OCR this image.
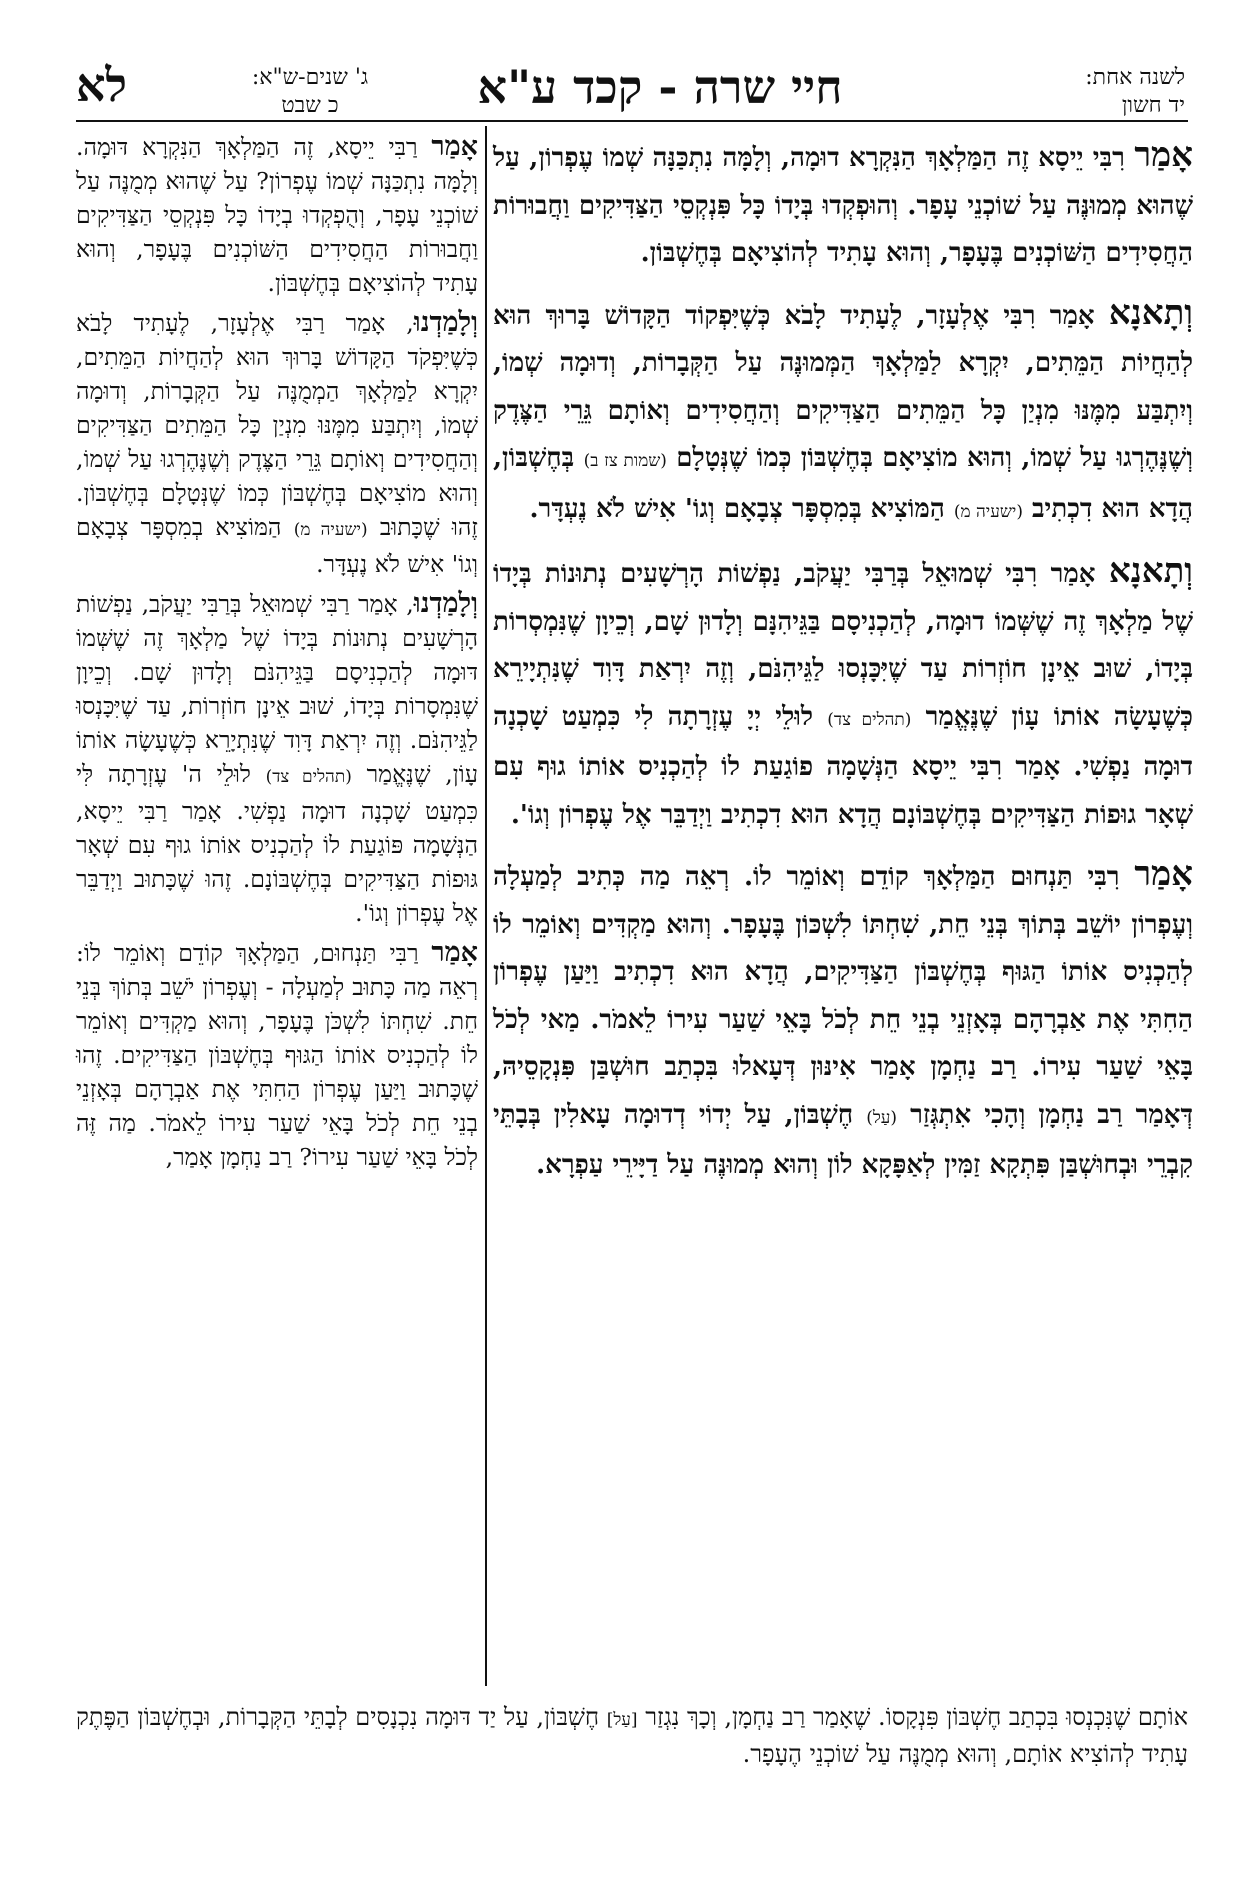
לא	ג' שנים-ש"א:
כ שבט	חיי שרה - קכד ע"א	לשנה אחת:
יד חשון

אָמַר רִבִּי יֵיסָא זֶה הַמַּלְאָךְ הַנִּקְרָא דוּמָה, וְלָמָּה נִתְכַּנָּה שְׁמוֹ עֶפְרוֹן, עַל שֶׁהוּא מְמוּנֶּה עַל שׁוֹכְנֵי עָפָר. וְהוּפְקְדוּ בְּיָדוֹ כָּל פִּנְקְסֵי הַצַּדִּיקִים וַחֲבוּרוֹת הַחֲסִידִים הַשּׁוֹכְנִים בֶּעָפָר, וְהוּא עָתִיד לְהוֹצִיאָם בְּחֶשְׁבּוֹן.

וְתָאנָא אָמַר רִבִּי אֶלְעָזָר, לֶעָתִיד לָבֹא כְּשֶׁיִּפְקוֹד הַקָּדוֹשׁ בָּרוּךְ הוּא לְהַחֲיוֹת הַמֵּתִים, יִקְרָא לַמַּלְאָךְ הַמְּמוּנֶּה עַל הַקְּבָרוֹת, וְדוּמָה שְׁמוֹ, וְיִתְבַּע מִמֶּנּוּ מִנְיַן כָּל הַמֵּתִים הַצַּדִּיקִים וְהַחֲסִידִים וְאוֹתָם גֵּרֵי הַצֶּדֶק וְשֶׁנֶּהֶרְגוּ עַל שְׁמוֹ, וְהוּא מוֹצִיאָם בְּחֶשְׁבּוֹן כְּמוֹ שֶׁנְּטָלָם (שמות צז ב) בְּחֶשְׁבּוֹן, הֲדָא הוּא דִכְתִיב (ישעיה מ) הַמּוֹצִיא בְּמִסְפָּר צְבָאָם וְגוֹ' אִישׁ לֹא נֶעְדָּר.

וְתָאנָא אָמַר רִבִּי שְׁמוּאֵל בְּרַבִּי יַעֲקֹב, נַפְשׁוֹת הָרְשָׁעִים נְתוּנוֹת בְּיָדוֹ שֶׁל מַלְאָךְ זֶה שֶׁשְּׁמוֹ דוּמָה, לְהַכְנִיסָם בַּגֵּיהִנָּם וְלָדוּן שָׁם, וְכֵיוָן שֶׁנִּמְסְרוֹת בְּיָדוֹ, שׁוּב אֵינָן חוֹזְרוֹת עַד שֶׁיִּכָּנְסוּ לַגֵּיהִנֹּם, וְזֶה יִרְאַת דָּוִד שֶׁנִּתְיָירֵא כְּשֶׁעָשָׂה אוֹתוֹ עָוֹן שֶׁנֶּאֱמַר (תהלים צד) לוּלֵי יְיָ עֶזְרָתָה לִי כִּמְעַט שָׁכְנָה דוּמָה נַפְשִׁי. אָמַר רִבִּי יֵיסָא הַנְּשָׁמָה פוֹגַעַת לוֹ לְהַכְנִיס אוֹתוֹ גוּף עִם שְׁאָר גוּפוֹת הַצַּדִּיקִים בְּחֶשְׁבּוֹנָם הֲדָא הוּא דִכְתִיב וַיְדַבֵּר אֶל עֶפְרוֹן וְגוֹ'.

אָמַר רִבִּי תַּנְחוּם הַמַּלְאָךְ קוֹדֵם וְאוֹמֵר לוֹ. רְאֵה מַה כְּתִיב לְמַעְלָה וְעֶפְרוֹן יוֹשֵׁב בְּתוֹךְ בְּנֵי חֵת, שִׁחְתּוֹ לִשְׁכּוֹן בֶּעָפָר. וְהוּא מַקְדִּים וְאוֹמֵר לוֹ לְהַכְנִיס אוֹתוֹ הַגּוּף בְּחֶשְׁבּוֹן הַצַּדִּיקִים, הֲדָא הוּא דִכְתִיב וַיַּעַן עֶפְרוֹן הַחִתִּי אֶת אַבְרָהָם בְּאָזְנֵי בְנֵי חֵת לְכֹל בָּאֵי שַׁעַר עִירוֹ לֵאמֹר. מַאי לְכֹל בָּאֵי שַׁעַר עִירוֹ. רַב נַחְמָן אָמַר אִינּוּן דְּעָאלוּ בִּכְתַב חוּשְׁבַּן פִּנְקָסֵיהּ, דְּאָמַר רַב נַחְמָן וְהָכִי אִתְגְּזַר (עַל) חֶשְׁבּוֹן, עַל יְדוֹי דְדוּמָה עָאלִין בְּבָתֵּי קִבְרֵי וּבְחוּשְׁבַּן פִּתְקָא זַמִּין לְאַפָּקָא לוֹן וְהוּא מְמוּנֶּה עַל דַיָּירֵי עַפְרָא.

אָמַר רַבִּי יֵיסָא, זֶה הַמַּלְאָךְ הַנִּקְרָא דּוּמָה. וְלָמָּה נִתְכַּנָּה שְׁמוֹ עֶפְרוֹן? עַל שֶׁהוּא מְמֻנֶּה עַל שׁוֹכְנֵי עָפָר, וְהֻפְקְדוּ בְיָדוֹ כָּל פִּנְקְסֵי הַצַּדִּיקִים וַחֲבוּרוֹת הַחֲסִידִים הַשּׁוֹכְנִים בֶּעָפָר, וְהוּא עָתִיד לְהוֹצִיאָם בְּחֶשְׁבּוֹן.

וְלָמַדְנוּ, אָמַר רַבִּי אֶלְעָזָר, לֶעָתִיד לָבֹא כְּשֶׁיִּפְקֹד הַקָּדוֹשׁ בָּרוּךְ הוּא לְהַחֲיוֹת הַמֵּתִים, יִקְרָא לַמַּלְאָךְ הַמְמֻנֶּה עַל הַקְּבָרוֹת, וְדוּמָה שְׁמוֹ, וְיִתְבַּע מִמֶּנּוּ מִנְיַן כָּל הַמֵּתִים הַצַּדִּיקִים וְהַחֲסִידִים וְאוֹתָם גֵּרֵי הַצֶּדֶק וְשֶׁנֶּהֶרְגוּ עַל שְׁמוֹ, וְהוּא מוֹצִיאָם בְּחֶשְׁבּוֹן כְּמוֹ שֶׁנְּטָלָם בְּחֶשְׁבּוֹן. זֶהוּ שֶׁכָּתוּב (ישעיה מ) הַמּוֹצִיא בְמִסְפָּר צְבָאָם וְגוֹ' אִישׁ לֹא נֶעְדָּר.

וְלָמַדְנוּ, אָמַר רַבִּי שְׁמוּאֵל בְּרַבִּי יַעֲקֹב, נַפְשׁוֹת הָרְשָׁעִים נְתוּנוֹת בְּיָדוֹ שֶׁל מַלְאָךְ זֶה שֶׁשְּׁמוֹ דּוּמָה לְהַכְנִיסָם בַּגֵּיהִנֹּם וְלָדוּן שָׁם. וְכֵיוָן שֶׁנִּמְסָרוֹת בְּיָדוֹ, שׁוּב אֵינָן חוֹזְרוֹת, עַד שֶׁיִּכָּנְסוּ לַגֵּיהִנֹּם. וְזֶה יִרְאַת דָּוִד שֶׁנִּתְיָרֵא כְּשֶׁעָשָׂה אוֹתוֹ עָוֹן, שֶׁנֶּאֱמַר (תהלים צד) לוּלֵי ה' עֶזְרָתָה לִּי כִּמְעַט שָׁכְנָה דוּמָה נַפְשִׁי. אָמַר רַבִּי יֵיסָא, הַנְּשָׁמָה פּוֹגַעַת לוֹ לְהַכְנִיס אוֹתוֹ גוּף עִם שְׁאָר גּוּפוֹת הַצַּדִּיקִים בְּחֶשְׁבּוֹנָם. זֶהוּ שֶׁכָּתוּב וַיְדַבֵּר אֶל עֶפְרוֹן וְגוֹ'.

אָמַר רַבִּי תַּנְחוּם, הַמַּלְאָךְ קוֹדֵם וְאוֹמֵר לוֹ: רְאֵה מַה כָּתוּב לְמַעְלָה - וְעֶפְרוֹן יֹשֵׁב בְּתוֹךְ בְּנֵי חֵת. שִׁחְתּוֹ לִשְׁכֹּן בֶּעָפָר, וְהוּא מַקְדִּים וְאוֹמֵר לוֹ לְהַכְנִיס אוֹתוֹ הַגּוּף בְּחֶשְׁבּוֹן הַצַּדִּיקִים. זֶהוּ שֶׁכָּתוּב וַיַּעַן עֶפְרוֹן הַחִתִּי אֶת אַבְרָהָם בְּאָזְנֵי בְנֵי חֵת לְכֹל בָּאֵי שַׁעַר עִירוֹ לֵאמֹר. מַה זֶּה לְכֹל בָּאֵי שַׁעַר עִירוֹ? רַב נַחְמָן אָמַר,

אוֹתָם שֶׁנִּכְנְסוּ בִּכְתַב חֶשְׁבּוֹן פִּנְקָסוֹ. שֶׁאָמַר רַב נַחְמָן, וְכָךְ נִגְזַר [עַל] חֶשְׁבּוֹן, עַל יַד דּוּמָה נִכְנָסִים לְבָתֵּי הַקְּבָרוֹת, וּבְחֶשְׁבּוֹן הַפֶּתֶק עָתִיד לְהוֹצִיא אוֹתָם, וְהוּא מְמֻנֶּה עַל שׁוֹכְנֵי הֶעָפָר.
